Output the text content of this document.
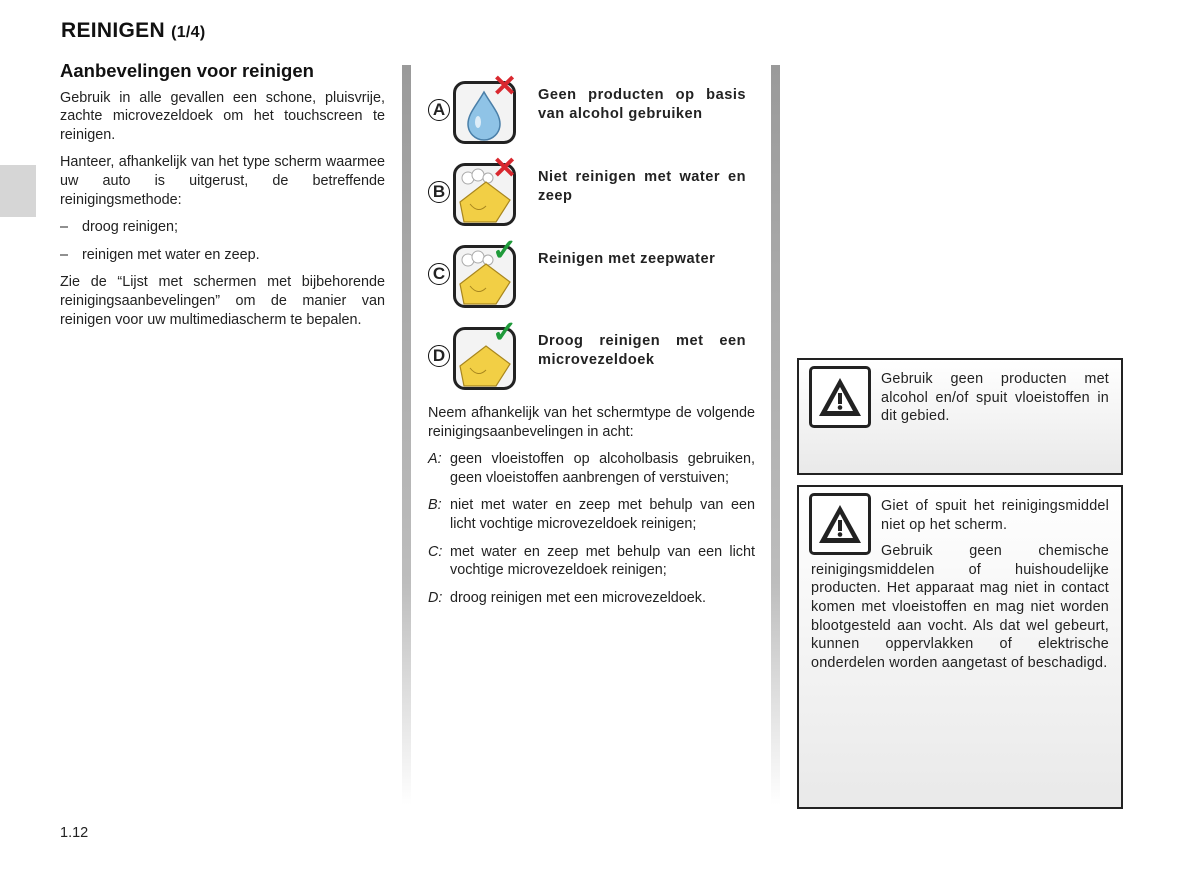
REINIGEN (1/4)
Aanbevelingen voor reinigen

Gebruik in alle gevallen een schone, pluisvrije, zachte microvezeldoek om het touchscreen te reinigen.

Hanteer, afhankelijk van het type scherm waarmee uw auto is uitgerust, de betreffende reinigingsmethode:

– droog reinigen;
– reinigen met water en zeep.

Zie de “Lijst met schermen met bijbehorende reinigingsaanbevelingen” om de manier van reinigen voor uw multimediascherm te bepalen.

A
✕ Geen producten op basis van alcohol gebruiken
B
✕ Niet reinigen met water en zeep
C
✓ Reinigen met zeepwater
D
✓ Droog reinigen met een microvezeldoek

Neem afhankelijk van het schermtype de volgende reinigingsaanbevelingen in acht:

A: geen vloeistoffen op alcoholbasis gebruiken, geen vloeistoffen aanbrengen of verstuiven;
B: niet met water en zeep met behulp van een licht vochtige microvezeldoek reinigen;
C: met water en zeep met behulp van een licht vochtige microvezeldoek reinigen;
D: droog reinigen met een microvezeldoek.

Gebruik geen producten met alcohol en/of spuit vloeistoffen in dit gebied.

Giet of spuit het reinigingsmiddel niet op het scherm.

Gebruik geen chemische reinigingsmiddelen of huishoudelijke producten. Het apparaat mag niet in contact komen met vloeistoffen en mag niet worden blootgesteld aan vocht. Als dat wel gebeurt, kunnen oppervlakken of elektrische onderdelen worden aangetast of beschadigd.

1.12
